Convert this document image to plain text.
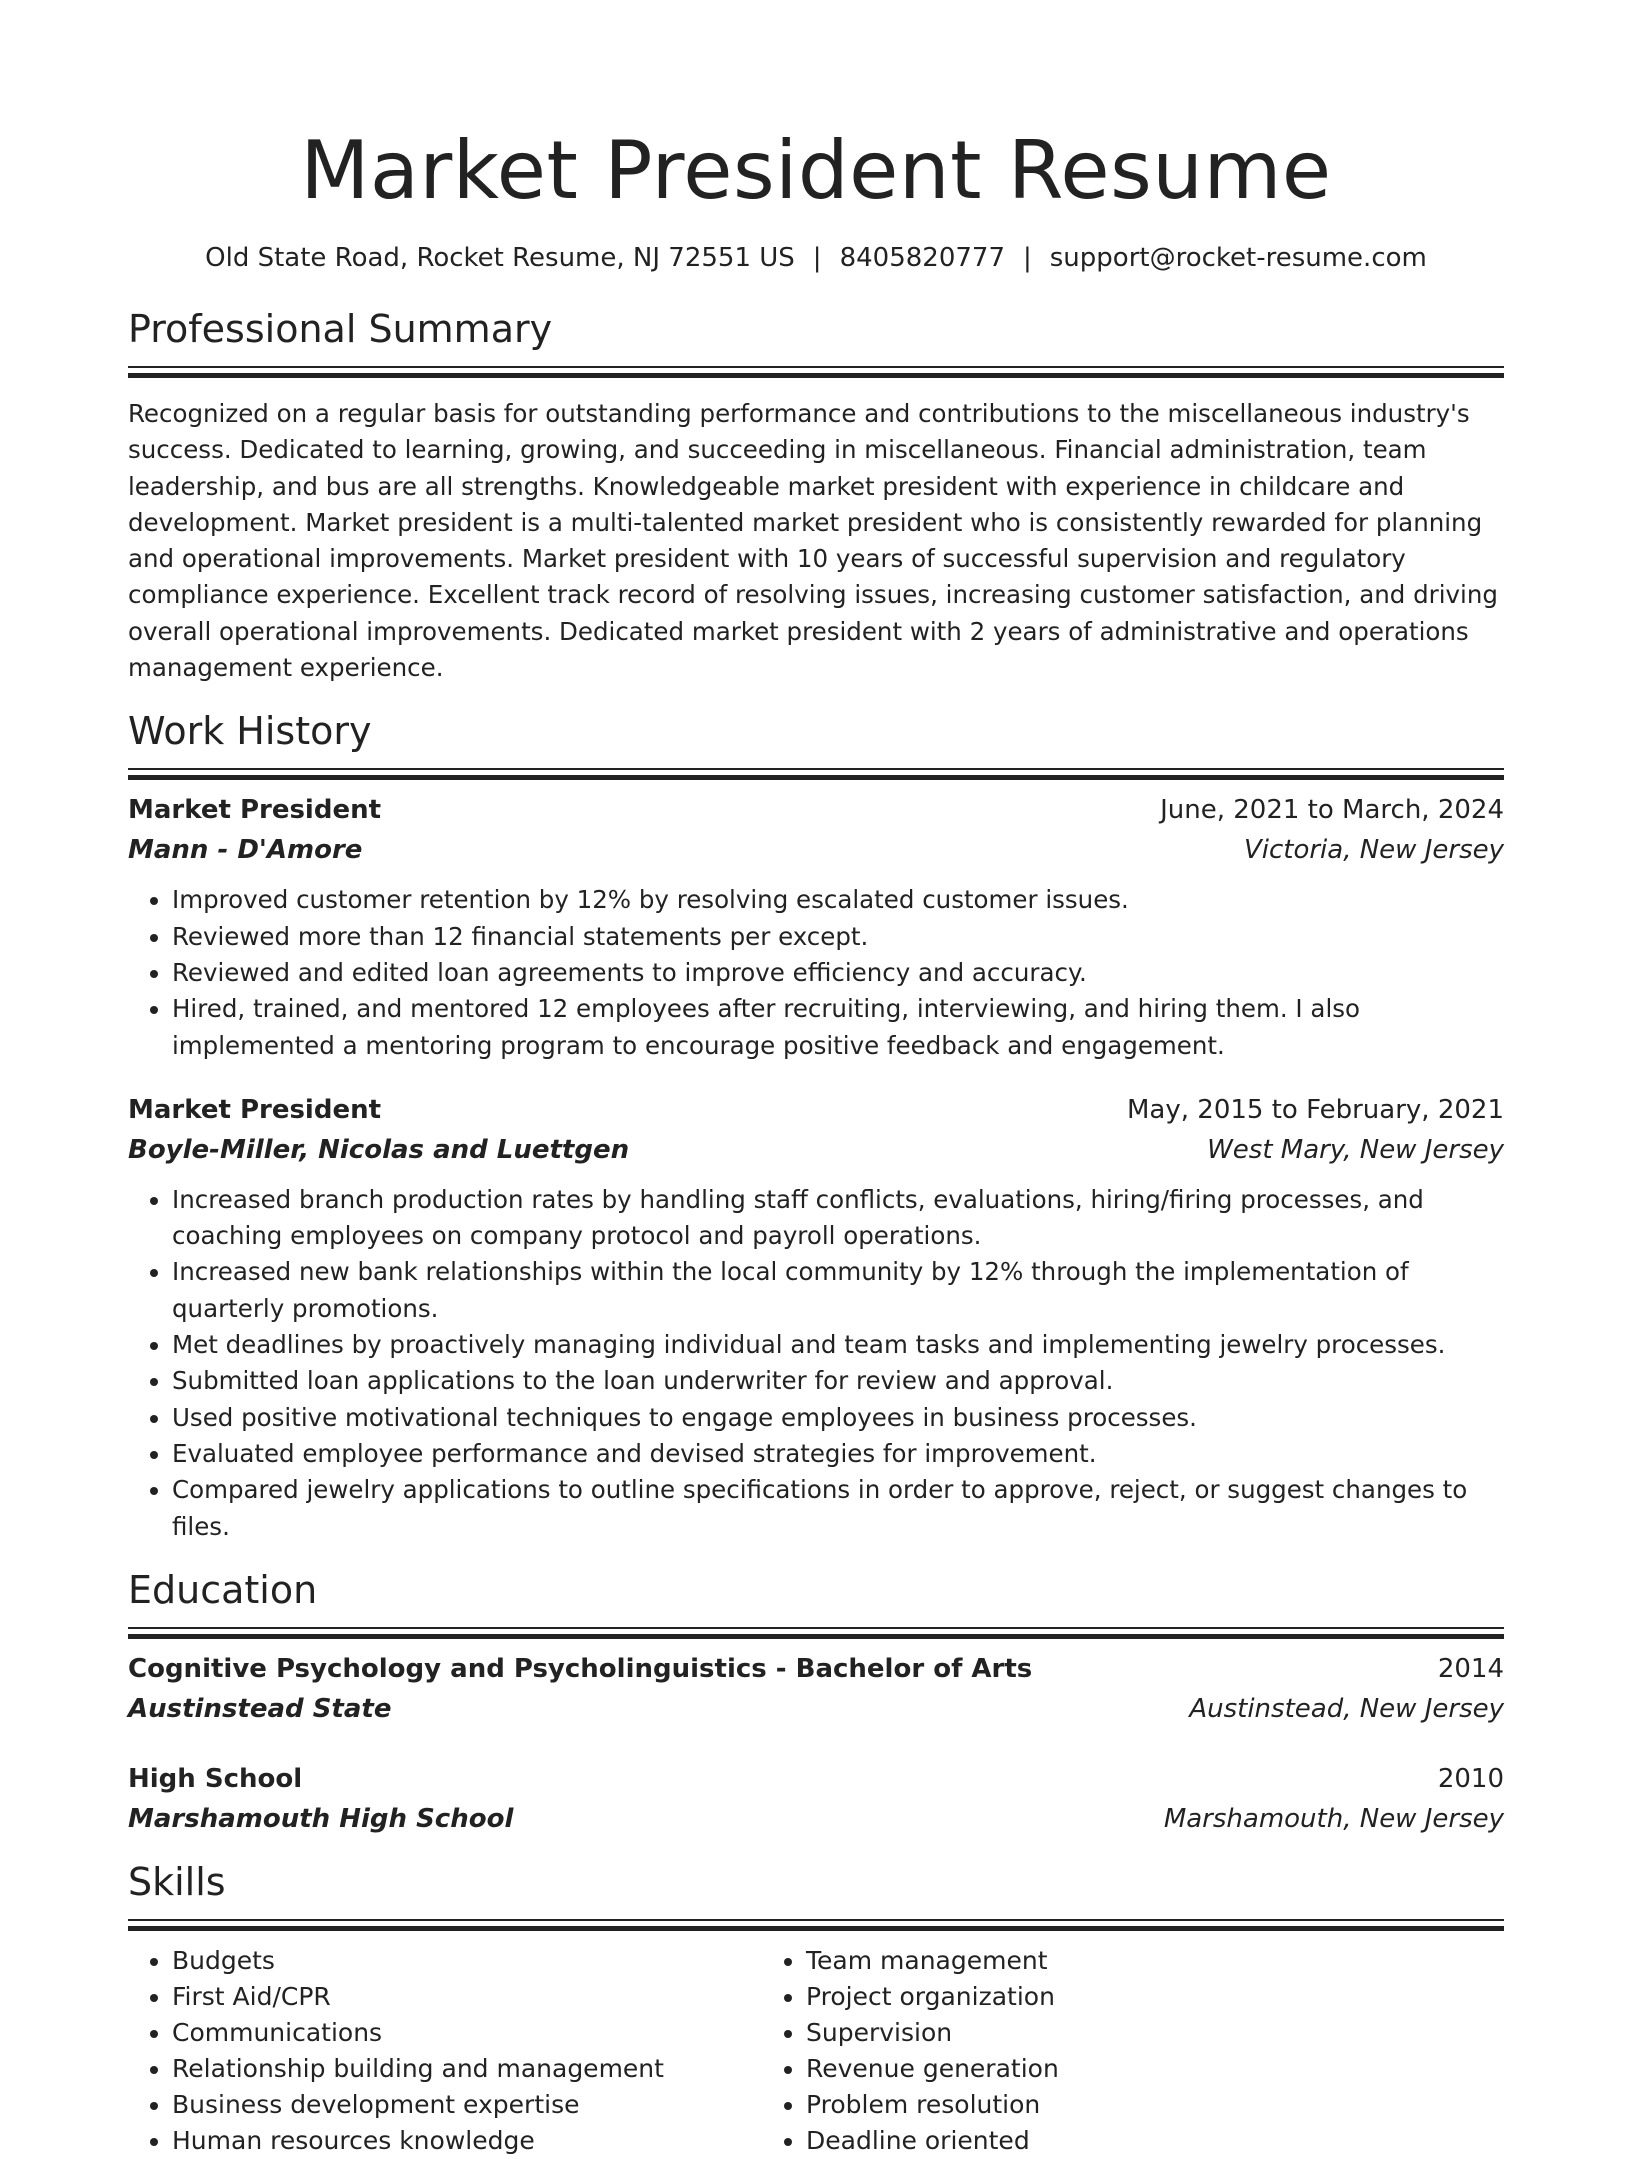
Market President Resume
Old State Road, Rocket Resume, NJ 72551 US | 8405820777 | support@rocket-resume.com
Professional Summary

Recognized on a regular basis for outstanding performance and contributions to the miscellaneous industry's success. Dedicated to learning, growing, and succeeding in miscellaneous. Financial administration, team leadership, and bus are all strengths. Knowledgeable market president with experience in childcare and development. Market president is a multi-talented market president who is consistently rewarded for planning and operational improvements. Market president with 10 years of successful supervision and regulatory compliance experience. Excellent track record of resolving issues, increasing customer satisfaction, and driving overall operational improvements. Dedicated market president with 2 years of administrative and operations management experience.

Work History
Market President	June, 2021 to March, 2024
Mann - D'Amore	Victoria, New Jersey
• Improved customer retention by 12% by resolving escalated customer issues.
• Reviewed more than 12 financial statements per except.
• Reviewed and edited loan agreements to improve efficiency and accuracy.
• Hired, trained, and mentored 12 employees after recruiting, interviewing, and hiring them. I also implemented a mentoring program to encourage positive feedback and engagement.
Market President	May, 2015 to February, 2021
Boyle-Miller, Nicolas and Luettgen	West Mary, New Jersey
• Increased branch production rates by handling staff conflicts, evaluations, hiring/firing processes, and coaching employees on company protocol and payroll operations.
• Increased new bank relationships within the local community by 12% through the implementation of quarterly promotions.
• Met deadlines by proactively managing individual and team tasks and implementing jewelry processes.
• Submitted loan applications to the loan underwriter for review and approval.
• Used positive motivational techniques to engage employees in business processes.
• Evaluated employee performance and devised strategies for improvement.
• Compared jewelry applications to outline specifications in order to approve, reject, or suggest changes to files.
Education
Cognitive Psychology and Psycholinguistics - Bachelor of Arts	2014
Austinstead State	Austinstead, New Jersey
High School	2010
Marshamouth High School	Marshamouth, New Jersey
Skills
• Budgets
• First Aid/CPR
• Communications
• Relationship building and management
• Business development expertise
• Human resources knowledge
• Team management
• Project organization
• Supervision
• Revenue generation
• Problem resolution
• Deadline oriented
